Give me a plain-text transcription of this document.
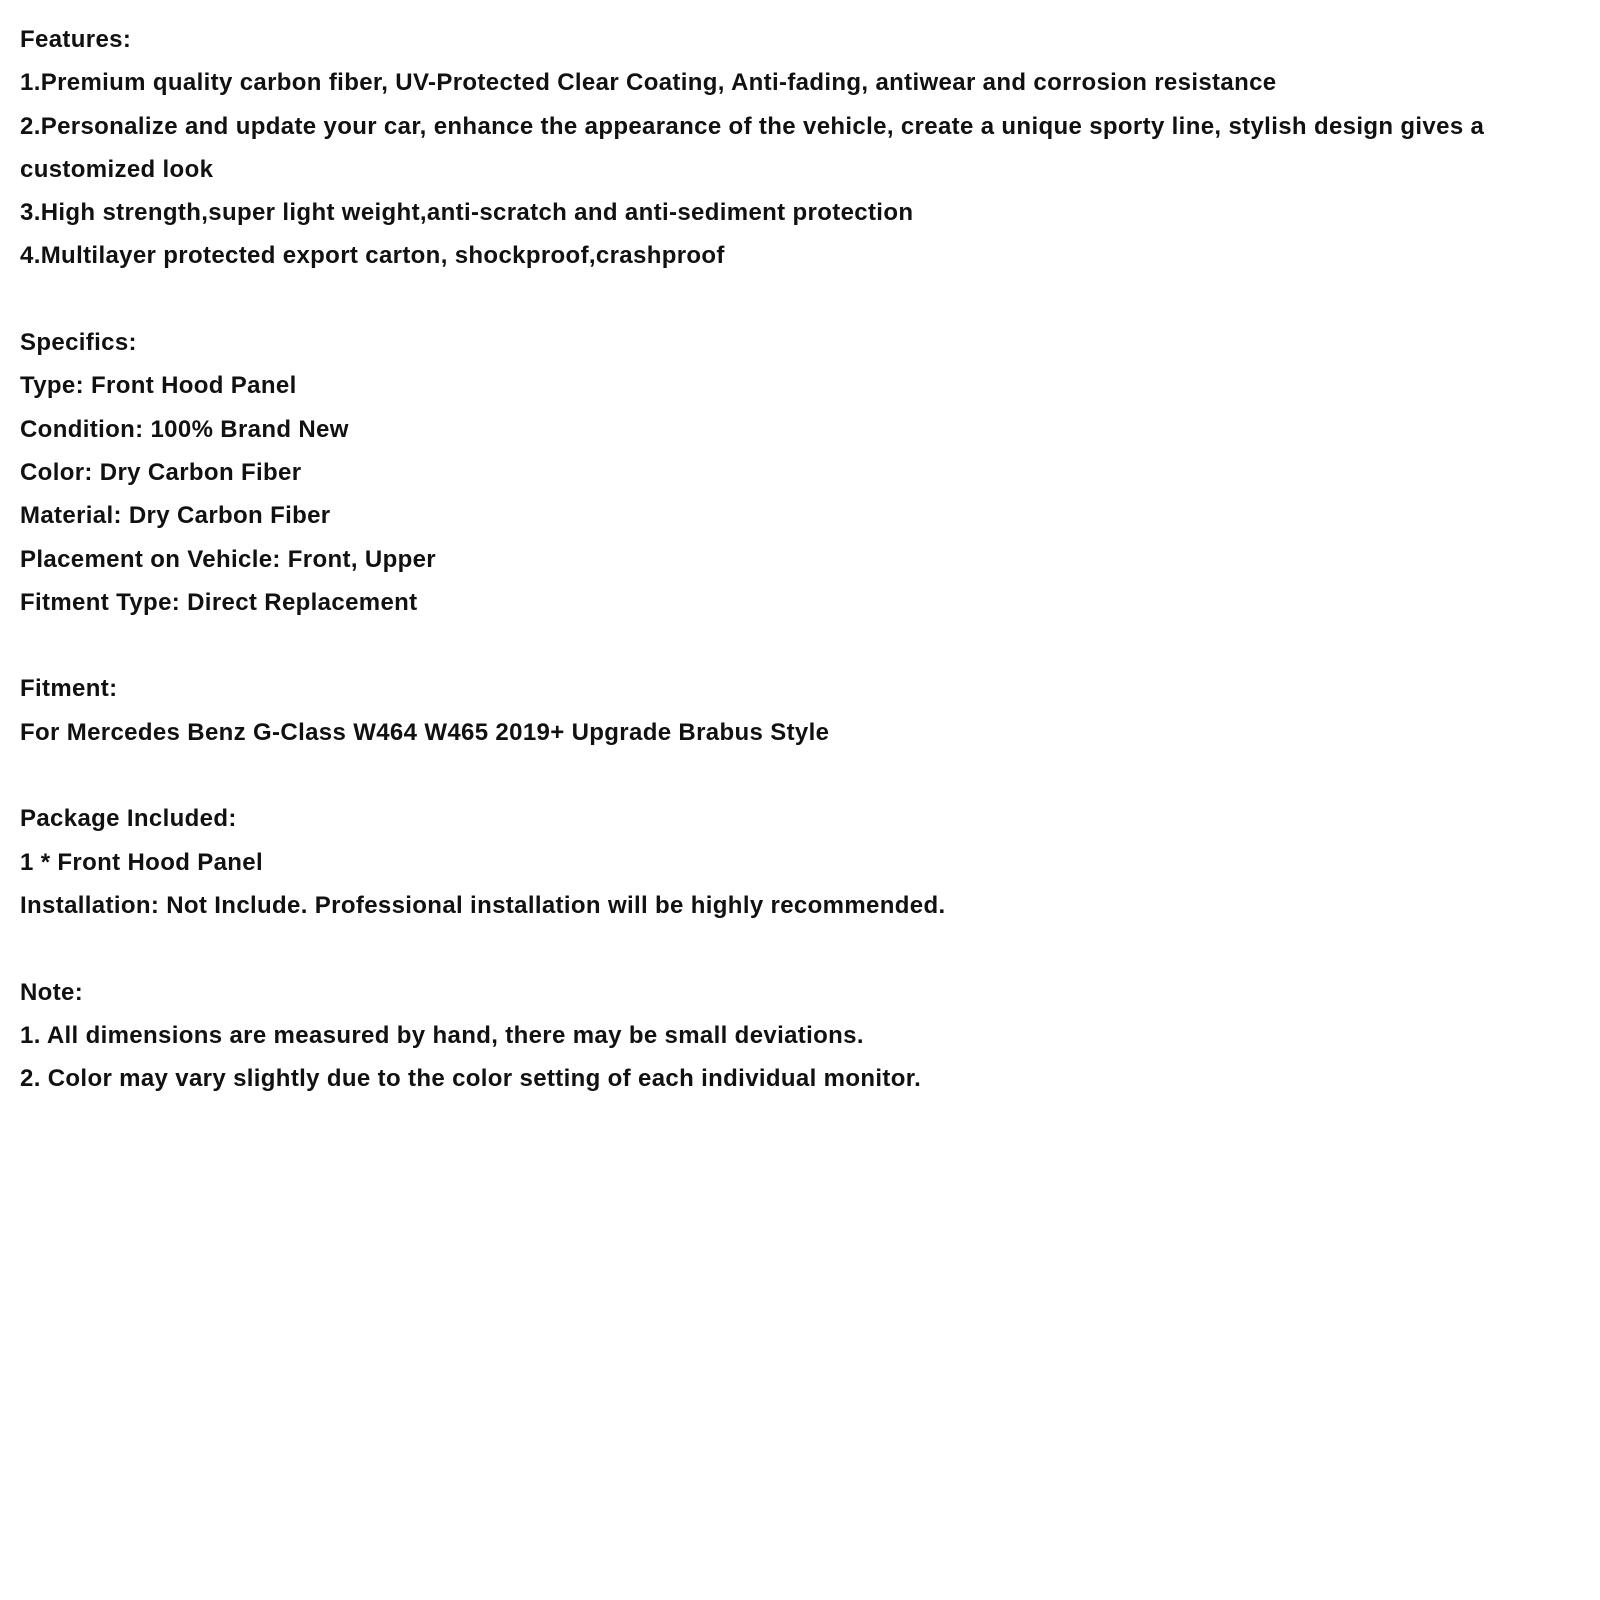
Features:

1.Premium quality carbon fiber, UV-Protected Clear Coating, Anti-fading, antiwear and corrosion resistance

2.Personalize and update your car, enhance the appearance of the vehicle, create a unique sporty line, stylish design gives a customized look

3.High strength,super light weight,anti-scratch and anti-sediment protection

4.Multilayer protected export carton, shockproof,crashproof

Specifics:

Type: Front Hood Panel

Condition: 100% Brand New

Color: Dry Carbon Fiber

Material: Dry Carbon Fiber

Placement on Vehicle: Front, Upper

Fitment Type: Direct Replacement

Fitment:

For Mercedes Benz G-Class W464 W465 2019+ Upgrade Brabus Style

Package Included:

1 * Front Hood Panel

Installation: Not Include. Professional installation will be highly recommended.

Note:

1. All dimensions are measured by hand, there may be small deviations.

2. Color may vary slightly due to the color setting of each individual monitor.
